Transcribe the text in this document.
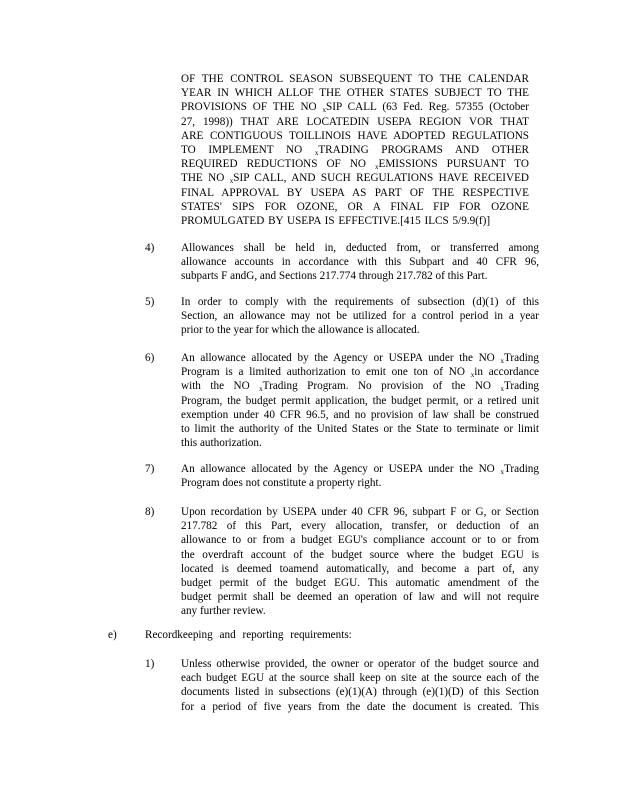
OF THE CONTROL SEASON SUBSEQUENT TO THE CALENDAR
YEAR IN WHICH ALLOF THE OTHER STATES SUBJECT TO THE
PROVISIONS OF THE NO $_x$SIP CALL (63 Fed. Reg. 57355 (October
27, 1998)) THAT ARE LOCATEDIN USEPA REGION VOR THAT
ARE CONTIGUOUS TOILLINOIS HAVE ADOPTED REGULATIONS
TO IMPLEMENT NO $_x$TRADING PROGRAMS AND OTHER
REQUIRED REDUCTIONS OF NO $_x$EMISSIONS PURSUANT TO
THE NO $_x$SIP CALL, AND SUCH REGULATIONS HAVE RECEIVED
FINAL APPROVAL BY USEPA AS PART OF THE RESPECTIVE
STATES' SIPS FOR OZONE, OR A FINAL FIP FOR OZONE
PROMULGATED BY USEPA IS EFFECTIVE.[415 ILCS 5/9.9(f)]
4) Allowances shall be held in, deducted from, or transferred among
allowance accounts in accordance with this Subpart and 40 CFR 96,
subparts F andG, and Sections 217.774 through 217.782 of this Part.
5) In order to comply with the requirements of subsection (d)(1) of this
Section, an allowance may not be utilized for a control period in a year
prior to the year for which the allowance is allocated.
6) An allowance allocated by the Agency or USEPA under the NO $_x$Trading
Program is a limited authorization to emit one ton of NO $_x$in accordance
with the NO $_x$Trading Program. No provision of the NO $_x$Trading
Program, the budget permit application, the budget permit, or a retired unit
exemption under 40 CFR 96.5, and no provision of law shall be construed
to limit the authority of the United States or the State to terminate or limit
this authorization.
7) An allowance allocated by the Agency or USEPA under the NO $_x$Trading
Program does not constitute a property right.
8) Upon recordation by USEPA under 40 CFR 96, subpart F or G, or Section
217.782 of this Part, every allocation, transfer, or deduction of an
allowance to or from a budget EGU's compliance account or to or from
the overdraft account of the budget source where the budget EGU is
located is deemed toamend automatically, and become a part of, any
budget permit of the budget EGU. This automatic amendment of the
budget permit shall be deemed an operation of law and will not require
any further review.
e)	Recordkeeping and reporting requirements:
1) Unless otherwise provided, the owner or operator of the budget source and
each budget EGU at the source shall keep on site at the source each of the
documents listed in subsections (e)(1)(A) through (e)(1)(D) of this Section
for a period of five years from the date the document is created. This
